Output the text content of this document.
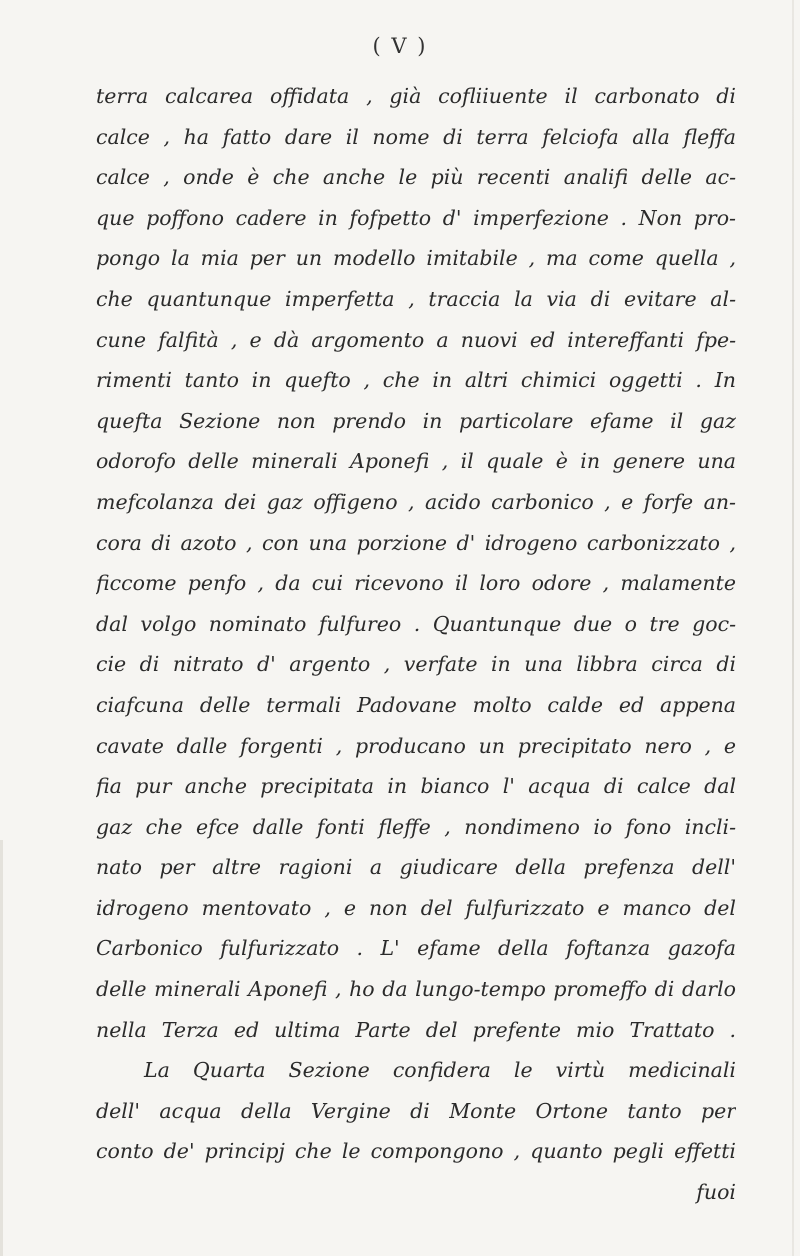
( V )
terra calcarea offidata , già cofliiuente il carbonato di
calce , ha fatto dare il nome di terra felciofa alla fleffa
calce , onde è che anche le più recenti analifi delle ac-
que poffono cadere in fofpetto d' imperfezione . Non pro-
pongo la mia per un modello imitabile , ma come quella ,
che quantunque imperfetta , traccia la via di evitare al-
cune falfità , e dà argomento a nuovi ed intereffanti fpe-
rimenti tanto in quefto , che in altri chimici oggetti . In
quefta Sezione non prendo in particolare efame il gaz
odorofo delle minerali Aponefi , il quale è in genere una
mefcolanza dei gaz offigeno , acido carbonico , e forfe an-
cora di azoto , con una porzione d' idrogeno carbonizzato ,
ficcome penfo , da cui ricevono il loro odore , malamente
dal volgo nominato fulfureo . Quantunque due o tre goc-
cie di nitrato d' argento , verfate in una libbra circa di
ciafcuna delle termali Padovane molto calde ed appena
cavate dalle forgenti , producano un precipitato nero , e
fia pur anche precipitata in bianco l' acqua di calce dal
gaz che efce dalle fonti fleffe , nondimeno io fono incli-
nato per altre ragioni a giudicare della prefenza dell'
idrogeno mentovato , e non del fulfurizzato e manco del
Carbonico fulfurizzato . L' efame della foftanza gazofa
delle minerali Aponefi , ho da lungo-tempo promeffo di darlo
nella Terza ed ultima Parte del prefente mio Trattato .
La Quarta Sezione confidera le virtù medicinali
dell' acqua della Vergine di Monte Ortone tanto per
conto de' principj che le compongono , quanto pegli effetti
fuoi
